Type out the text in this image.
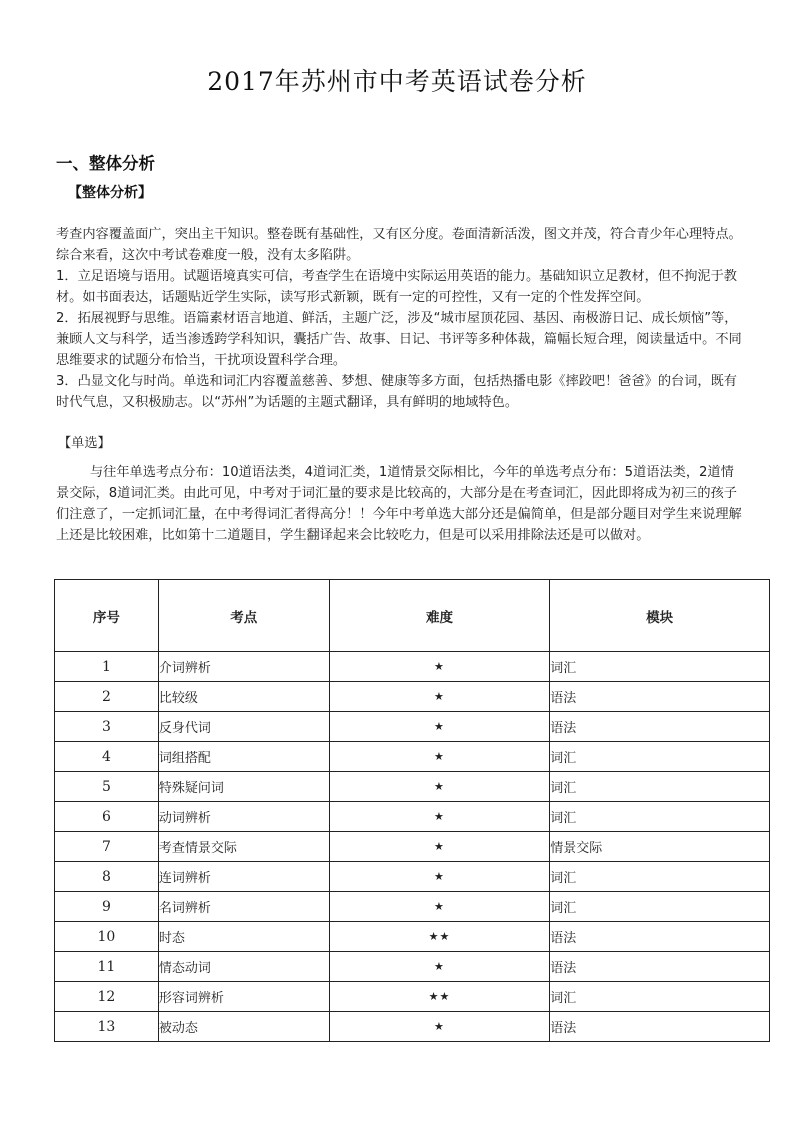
2017年苏州市中考英语试卷分析
一、整体分析
【整体分析】
考查内容覆盖面广，突出主干知识。整卷既有基础性，又有区分度。卷面清新活泼，图文并茂，符合青少年心理特点。综合来看，这次中考试卷难度一般，没有太多陷阱。
1．立足语境与语用。试题语境真实可信，考查学生在语境中实际运用英语的能力。基础知识立足教材，但不拘泥于教材。如书面表达，话题贴近学生实际，读写形式新颖，既有一定的可控性，又有一定的个性发挥空间。
2．拓展视野与思维。语篇素材语言地道、鲜活，主题广泛，涉及“城市屋顶花园、基因、南极游日记、成长烦恼”等，兼顾人文与科学，适当渗透跨学科知识，囊括广告、故事、日记、书评等多种体裁，篇幅长短合理，阅读量适中。不同思维要求的试题分布恰当，干扰项设置科学合理。
3．凸显文化与时尚。单选和词汇内容覆盖慈善、梦想、健康等多方面，包括热播电影《摔跤吧！爸爸》的台词，既有时代气息，又积极励志。以“苏州”为话题的主题式翻译，具有鲜明的地域特色。
【单选】
与往年单选考点分布：10道语法类，4道词汇类，1道情景交际相比，今年的单选考点分布：5道语法类，2道情景交际，8道词汇类。由此可见，中考对于词汇量的要求是比较高的，大部分是在考查词汇，因此即将成为初三的孩子们注意了，一定抓词汇量，在中考得词汇者得高分！！今年中考单选大部分还是偏简单，但是部分题目对学生来说理解上还是比较困难，比如第十二道题目，学生翻译起来会比较吃力，但是可以采用排除法还是可以做对。
序号	考点	难度	模块
1	介词辨析	★	词汇
2	比较级	★	语法
3	反身代词	★	语法
4	词组搭配	★	词汇
5	特殊疑问词	★	词汇
6	动词辨析	★	词汇
7	考查情景交际	★	情景交际
8	连词辨析	★	词汇
9	名词辨析	★	词汇
10	时态	★★	语法
11	情态动词	★	语法
12	形容词辨析	★★	词汇
13	被动态	★	语法
